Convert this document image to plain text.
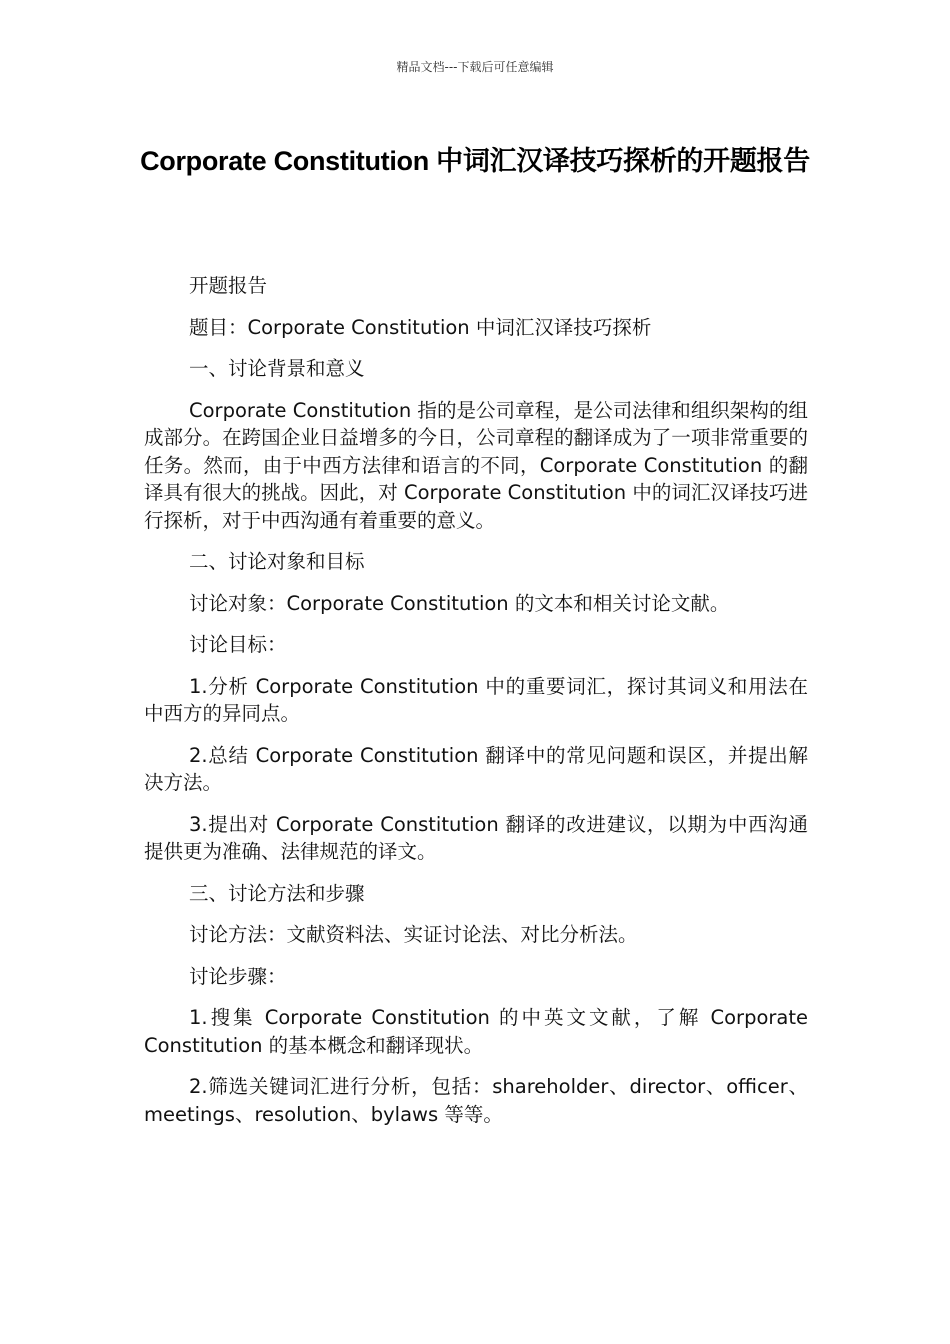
精品文档---下载后可任意编辑
Corporate Constitution 中词汇汉译技巧探析的开题报告

开题报告

题目：Corporate Constitution 中词汇汉译技巧探析

一、讨论背景和意义

Corporate Constitution 指的是公司章程，是公司法律和组织架构的组成部分。在跨国企业日益增多的今日，公司章程的翻译成为了一项非常重要的任务。然而，由于中西方法律和语言的不同，Corporate Constitution 的翻译具有很大的挑战。因此，对 Corporate Constitution 中的词汇汉译技巧进行探析，对于中西沟通有着重要的意义。

二、讨论对象和目标

讨论对象：Corporate Constitution 的文本和相关讨论文献。

讨论目标：

1.分析 Corporate Constitution 中的重要词汇，探讨其词义和用法在中西方的异同点。

2.总结 Corporate Constitution 翻译中的常见问题和误区，并提出解决方法。

3.提出对 Corporate Constitution 翻译的改进建议，以期为中西沟通提供更为准确、法律规范的译文。

三、讨论方法和步骤

讨论方法：文献资料法、实证讨论法、对比分析法。

讨论步骤：

1.搜集 Corporate Constitution 的中英文文献，了解 Corporate Constitution 的基本概念和翻译现状。

2.筛选关键词汇进行分析，包括：shareholder、director、officer、meetings、resolution、bylaws 等等。
